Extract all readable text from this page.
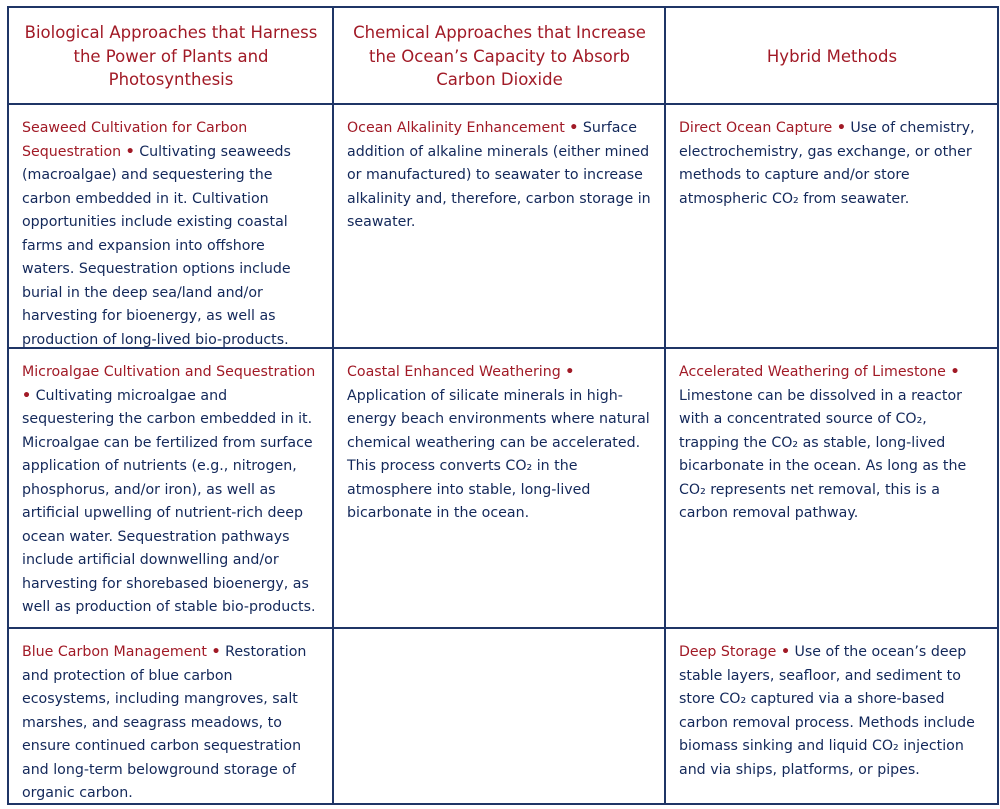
Biological Approaches that Harness the Power of Plants and Photosynthesis
Chemical Approaches that Increase the Ocean’s Capacity to Absorb Carbon Dioxide
Hybrid Methods
Seaweed Cultivation for Carbon Sequestration • Cultivating seaweeds (macroalgae) and sequestering the carbon embedded in it. Cultivation opportunities include existing coastal farms and expansion into offshore waters. Sequestration options include burial in the deep sea/land and/or harvesting for bioenergy, as well as production of long-lived bio-products.
Ocean Alkalinity Enhancement • Surface addition of alkaline minerals (either mined or manufactured) to seawater to increase alkalinity and, therefore, carbon storage in seawater.
Direct Ocean Capture • Use of chemistry, electrochemistry, gas exchange, or other methods to capture and/or store atmospheric CO₂ from seawater.
Microalgae Cultivation and Sequestration • Cultivating microalgae and sequestering the carbon embedded in it. Microalgae can be fertilized from surface application of nutrients (e.g., nitrogen, phosphorus, and/or iron), as well as artificial upwelling of nutrient-rich deep ocean water. Sequestration pathways include artificial downwelling and/or harvesting for shorebased bioenergy, as well as production of stable bio-products.
Coastal Enhanced Weathering • Application of silicate minerals in high-energy beach environments where natural chemical weathering can be accelerated. This process converts CO₂ in the atmosphere into stable, long-lived bicarbonate in the ocean.
Accelerated Weathering of Limestone • Limestone can be dissolved in a reactor with a concentrated source of CO₂, trapping the CO₂ as stable, long-lived bicarbonate in the ocean. As long as the CO₂ represents net removal, this is a carbon removal pathway.
Blue Carbon Management • Restoration and protection of blue carbon ecosystems, including mangroves, salt marshes, and seagrass meadows, to ensure continued carbon sequestration and long-term belowground storage of organic carbon.
Deep Storage • Use of the ocean’s deep stable layers, seafloor, and sediment to store CO₂ captured via a shore-based carbon removal process. Methods include biomass sinking and liquid CO₂ injection and via ships, platforms, or pipes.
